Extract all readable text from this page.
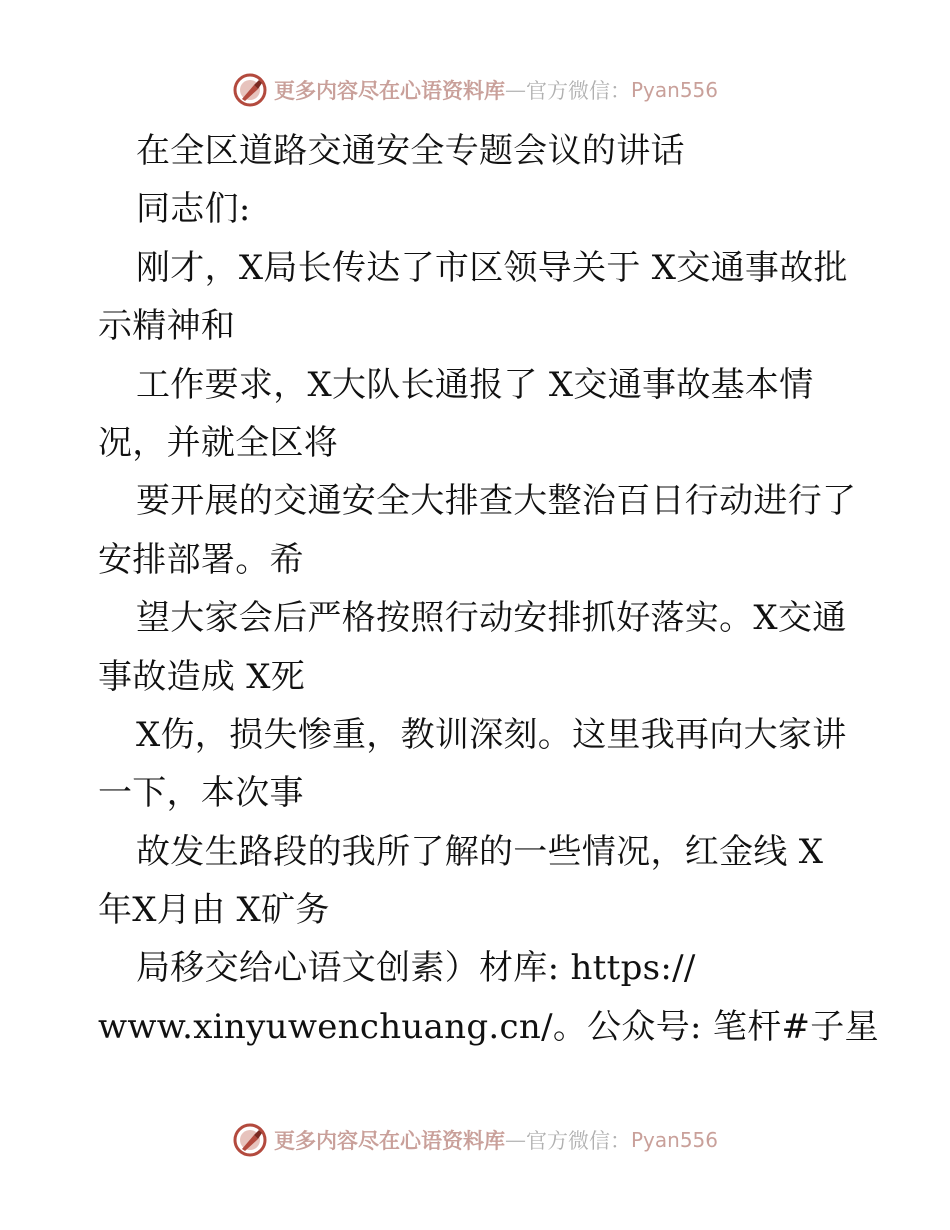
更多内容尽在心语资料库 — 官方微信： Pyan556
在全区道路交通安全专题会议的讲话
同志们:
刚才，X局长传达了市区领导关于 X交通事故批
示精神和
工作要求，X大队长通报了 X交通事故基本情
况，并就全区将
要开展的交通安全大排查大整治百日行动进行了
安排部署。希
望大家会后严格按照行动安排抓好落实。X交通
事故造成 X死
X伤，损失惨重，教训深刻。这里我再向大家讲
一下，本次事
故发生路段的我所了解的一些情况，红金线 X
年X月由 X矿务
局移交给心语文创素）材库: https://
www.xinyuwenchuang.cn/。公众号: 笔杆#子星
更多内容尽在心语资料库 — 官方微信： Pyan556
